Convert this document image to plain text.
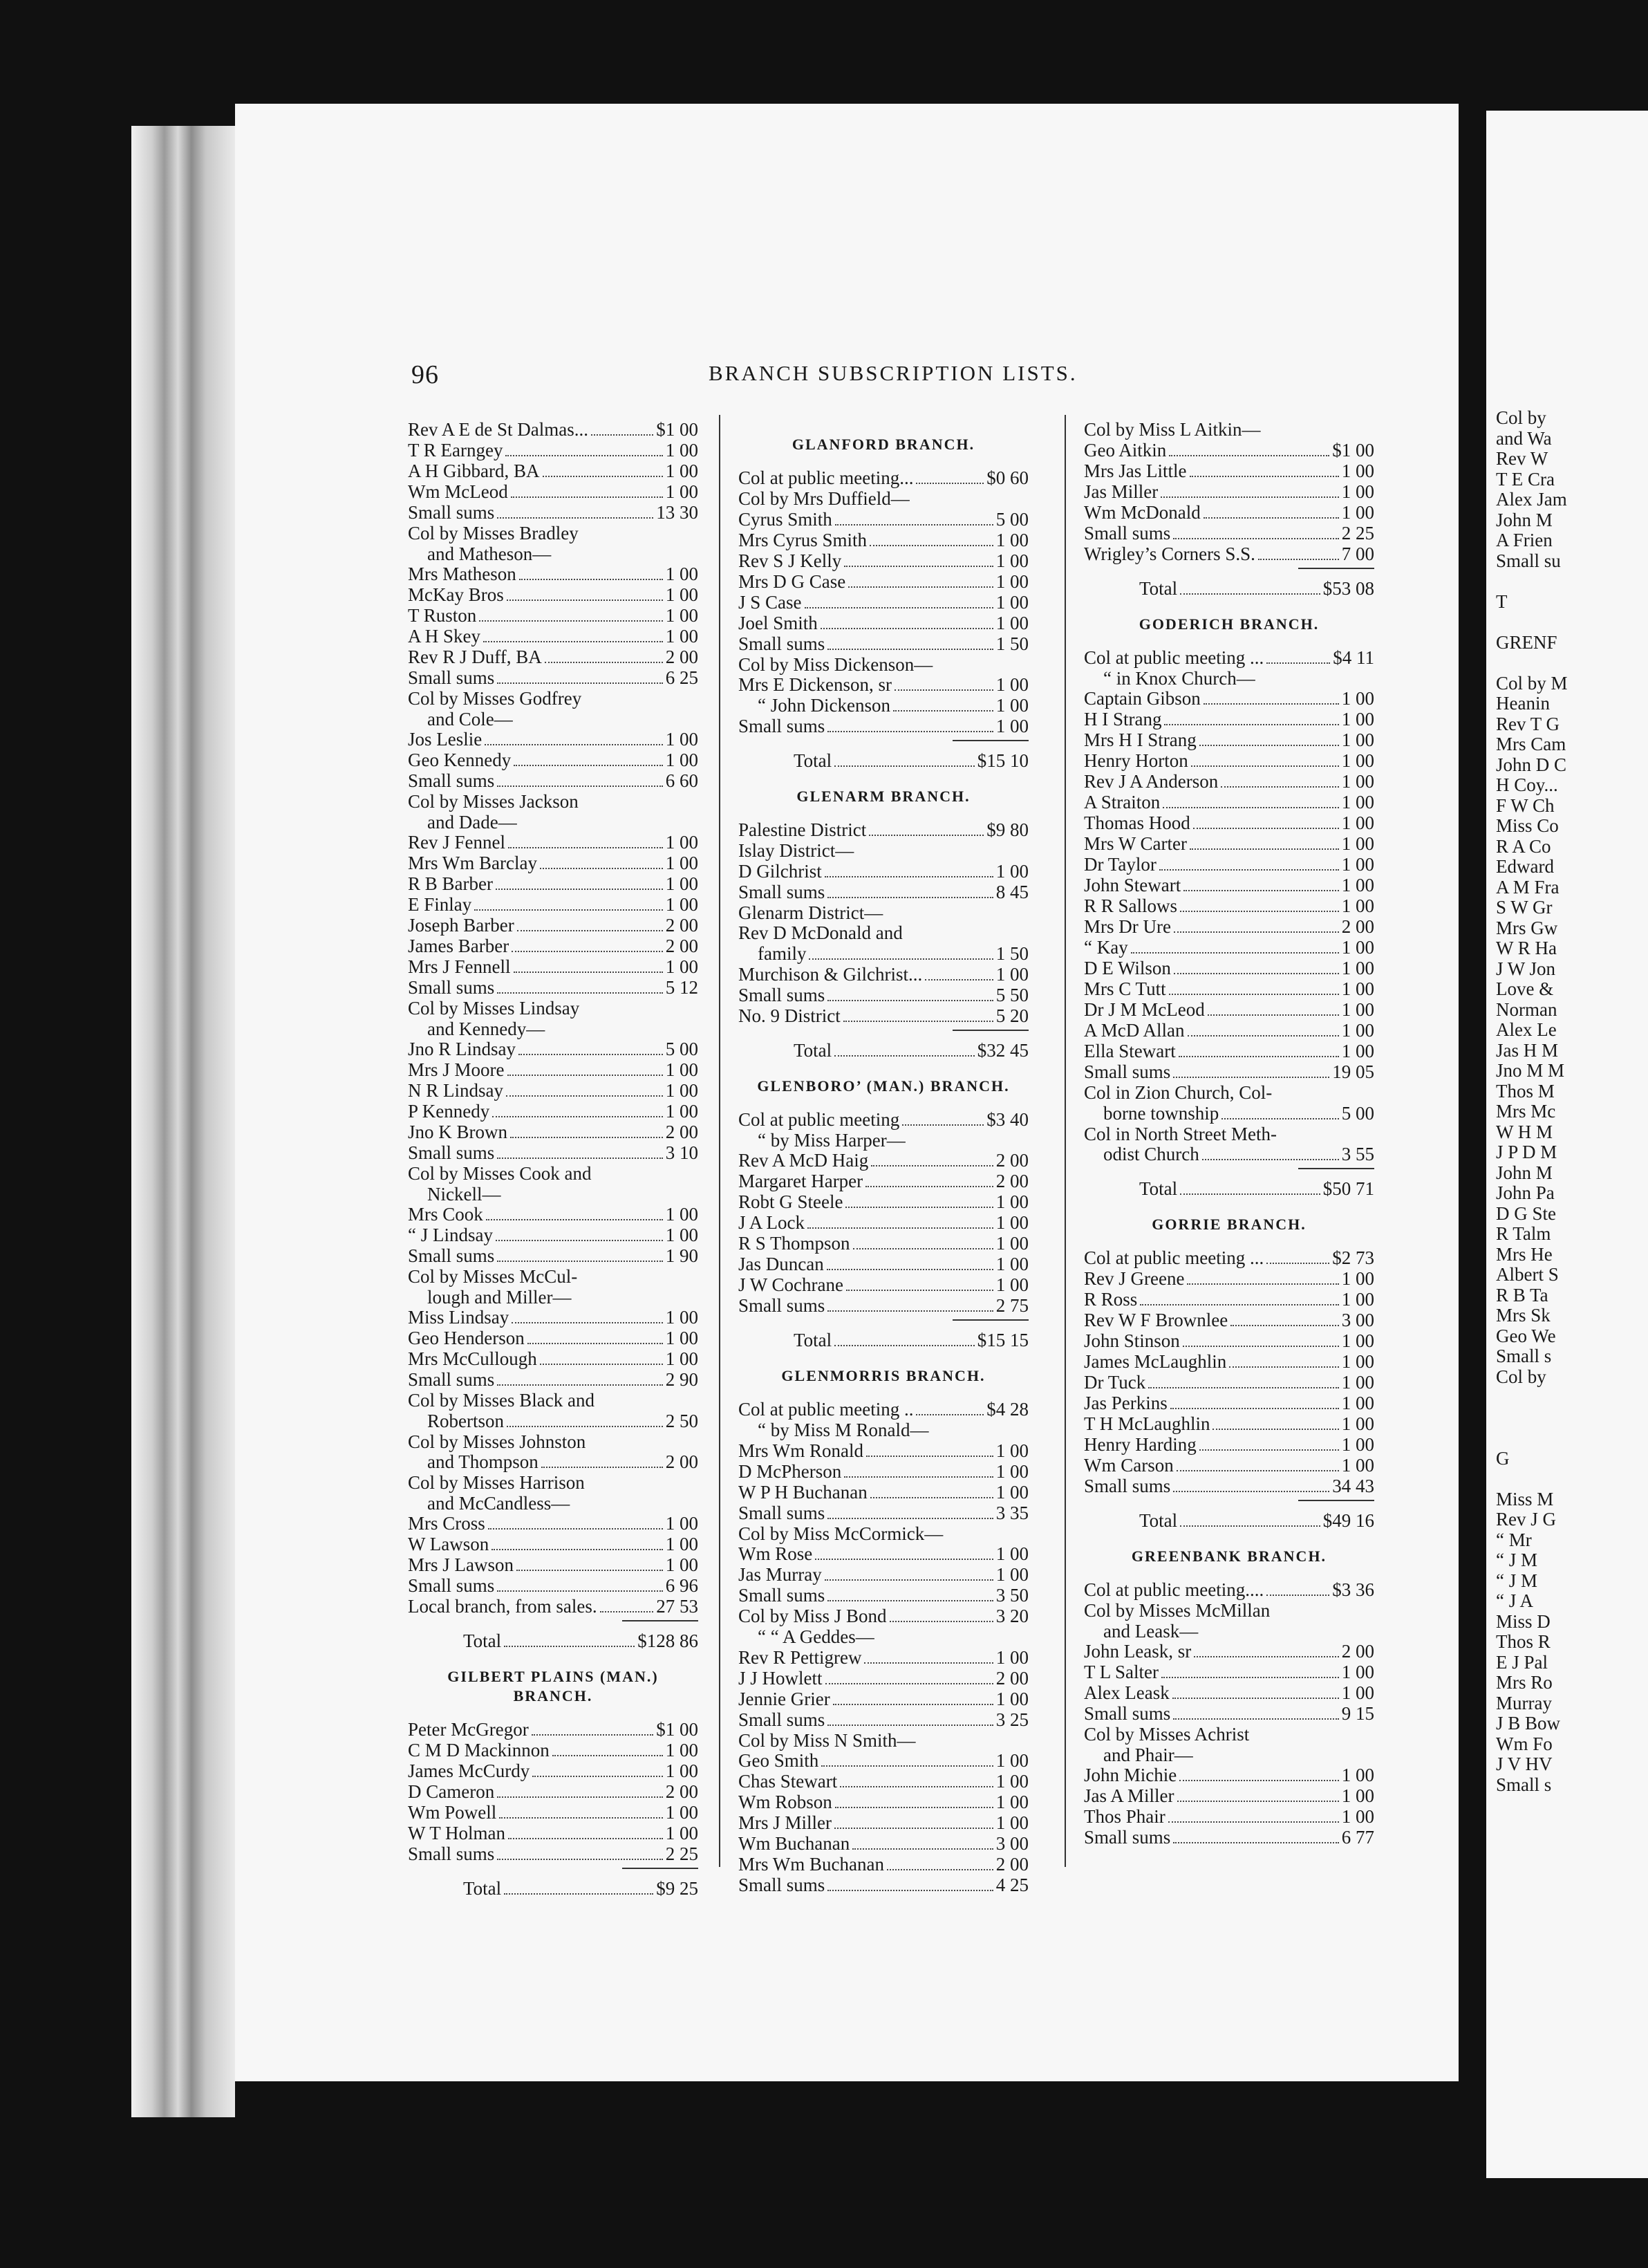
Col by
and Wa
Rev W
T E Cra
Alex Jam
John M
A Frien
Small su

T

GRENF

Col by M
Heanin
Rev T G
Mrs Cam
John D C
H Coy...
F W Ch
Miss Co
R A Co
Edward
A M Fra
S W Gr
Mrs Gw
W R Ha
J W Jon
Love &
Norman
Alex Le
Jas H M
Jno M M
Thos M
Mrs Mc
W H M
J P D M
John M
John Pa
D G Ste
R Talm
Mrs He
Albert S
R B Ta
Mrs Sk
Geo We
Small s
Col by

G

Miss M
Rev J G
“ Mr
“ J M
“ J M
“ J A
Miss D
Thos R
E J Pal
Mrs Ro
Murray
J B Bow
Wm Fo
J V HV
Small s
96	BRANCH SUBSCRIPTION LISTS.
Rev A E de St Dalmas...	$1 00
T R Earngey	1 00
A H Gibbard, BA	1 00
Wm McLeod	1 00
Small sums	13 30
Col by Misses Bradley
and Matheson—
Mrs Matheson	1 00
McKay Bros	1 00
T Ruston	1 00
A H Skey	1 00
Rev R J Duff, BA	2 00
Small sums	6 25
Col by Misses Godfrey
and Cole—
Jos Leslie	1 00
Geo Kennedy	1 00
Small sums	6 60
Col by Misses Jackson
and Dade—
Rev J Fennel	1 00
Mrs Wm Barclay	1 00
R B Barber	1 00
E Finlay	1 00
Joseph Barber	2 00
James Barber	2 00
Mrs J Fennell	1 00
Small sums	5 12
Col by Misses Lindsay
and Kennedy—
Jno R Lindsay	5 00
Mrs J Moore	1 00
N R Lindsay	1 00
P Kennedy	1 00
Jno K Brown	2 00
Small sums	3 10
Col by Misses Cook and
Nickell—
Mrs Cook	1 00
“ J Lindsay	1 00
Small sums	1 90
Col by Misses McCul-
lough and Miller—
Miss Lindsay	1 00
Geo Henderson	1 00
Mrs McCullough	1 00
Small sums	2 90
Col by Misses Black and
Robertson	2 50
Col by Misses Johnston
and Thompson	2 00
Col by Misses Harrison
and McCandless—
Mrs Cross	1 00
W Lawson	1 00
Mrs J Lawson	1 00
Small sums	6 96
Local branch, from sales.	27 53
Total	$128 86
GILBERT PLAINS (MAN.) BRANCH.
Peter McGregor	$1 00
C M D Mackinnon	1 00
James McCurdy	1 00
D Cameron	2 00
Wm Powell	1 00
W T Holman	1 00
Small sums	2 25
Total	$9 25
GLANFORD BRANCH.
Col at public meeting...	$0 60
Col by Mrs Duffield—
Cyrus Smith	5 00
Mrs Cyrus Smith	1 00
Rev S J Kelly	1 00
Mrs D G Case	1 00
J S Case	1 00
Joel Smith	1 00
Small sums	1 50
Col by Miss Dickenson—
Mrs E Dickenson, sr	1 00
“ John Dickenson	1 00
Small sums	1 00
Total	$15 10
GLENARM BRANCH.
Palestine District	$9 80
Islay District—
D Gilchrist	1 00
Small sums	8 45
Glenarm District—
Rev D McDonald and
family	1 50
Murchison & Gilchrist...	1 00
Small sums	5 50
No. 9 District	5 20
Total	$32 45
GLENBORO’ (MAN.) BRANCH.
Col at public meeting	$3 40
“ by Miss Harper—
Rev A McD Haig	2 00
Margaret Harper	2 00
Robt G Steele	1 00
J A Lock	1 00
R S Thompson	1 00
Jas Duncan	1 00
J W Cochrane	1 00
Small sums	2 75
Total	$15 15
GLENMORRIS BRANCH.
Col at public meeting ..	$4 28
“ by Miss M Ronald—
Mrs Wm Ronald	1 00
D McPherson	1 00
W P H Buchanan	1 00
Small sums	3 35
Col by Miss McCormick—
Wm Rose	1 00
Jas Murray	1 00
Small sums	3 50
Col by Miss J Bond	3 20
“ “ A Geddes—
Rev R Pettigrew	1 00
J J Howlett	2 00
Jennie Grier	1 00
Small sums	3 25
Col by Miss N Smith—
Geo Smith	1 00
Chas Stewart	1 00
Wm Robson	1 00
Mrs J Miller	1 00
Wm Buchanan	3 00
Mrs Wm Buchanan	2 00
Small sums	4 25
Col by Miss L Aitkin—
Geo Aitkin	$1 00
Mrs Jas Little	1 00
Jas Miller	1 00
Wm McDonald	1 00
Small sums	2 25
Wrigley’s Corners S.S.	7 00
Total	$53 08
GODERICH BRANCH.
Col at public meeting ...	$4 11
“ in Knox Church—
Captain Gibson	1 00
H I Strang	1 00
Mrs H I Strang	1 00
Henry Horton	1 00
Rev J A Anderson	1 00
A Straiton	1 00
Thomas Hood	1 00
Mrs W Carter	1 00
Dr Taylor	1 00
John Stewart	1 00
R R Sallows	1 00
Mrs Dr Ure	2 00
“ Kay	1 00
D E Wilson	1 00
Mrs C Tutt	1 00
Dr J M McLeod	1 00
A McD Allan	1 00
Ella Stewart	1 00
Small sums	19 05
Col in Zion Church, Col-
borne township	5 00
Col in North Street Meth-
odist Church	3 55
Total	$50 71
GORRIE BRANCH.
Col at public meeting ...	$2 73
Rev J Greene	1 00
R Ross	1 00
Rev W F Brownlee	3 00
John Stinson	1 00
James McLaughlin	1 00
Dr Tuck	1 00
Jas Perkins	1 00
T H McLaughlin	1 00
Henry Harding	1 00
Wm Carson	1 00
Small sums	34 43
Total	$49 16
GREENBANK BRANCH.
Col at public meeting....	$3 36
Col by Misses McMillan
and Leask—
John Leask, sr	2 00
T L Salter	1 00
Alex Leask	1 00
Small sums	9 15
Col by Misses Achrist
and Phair—
John Michie	1 00
Jas A Miller	1 00
Thos Phair	1 00
Small sums	6 77
